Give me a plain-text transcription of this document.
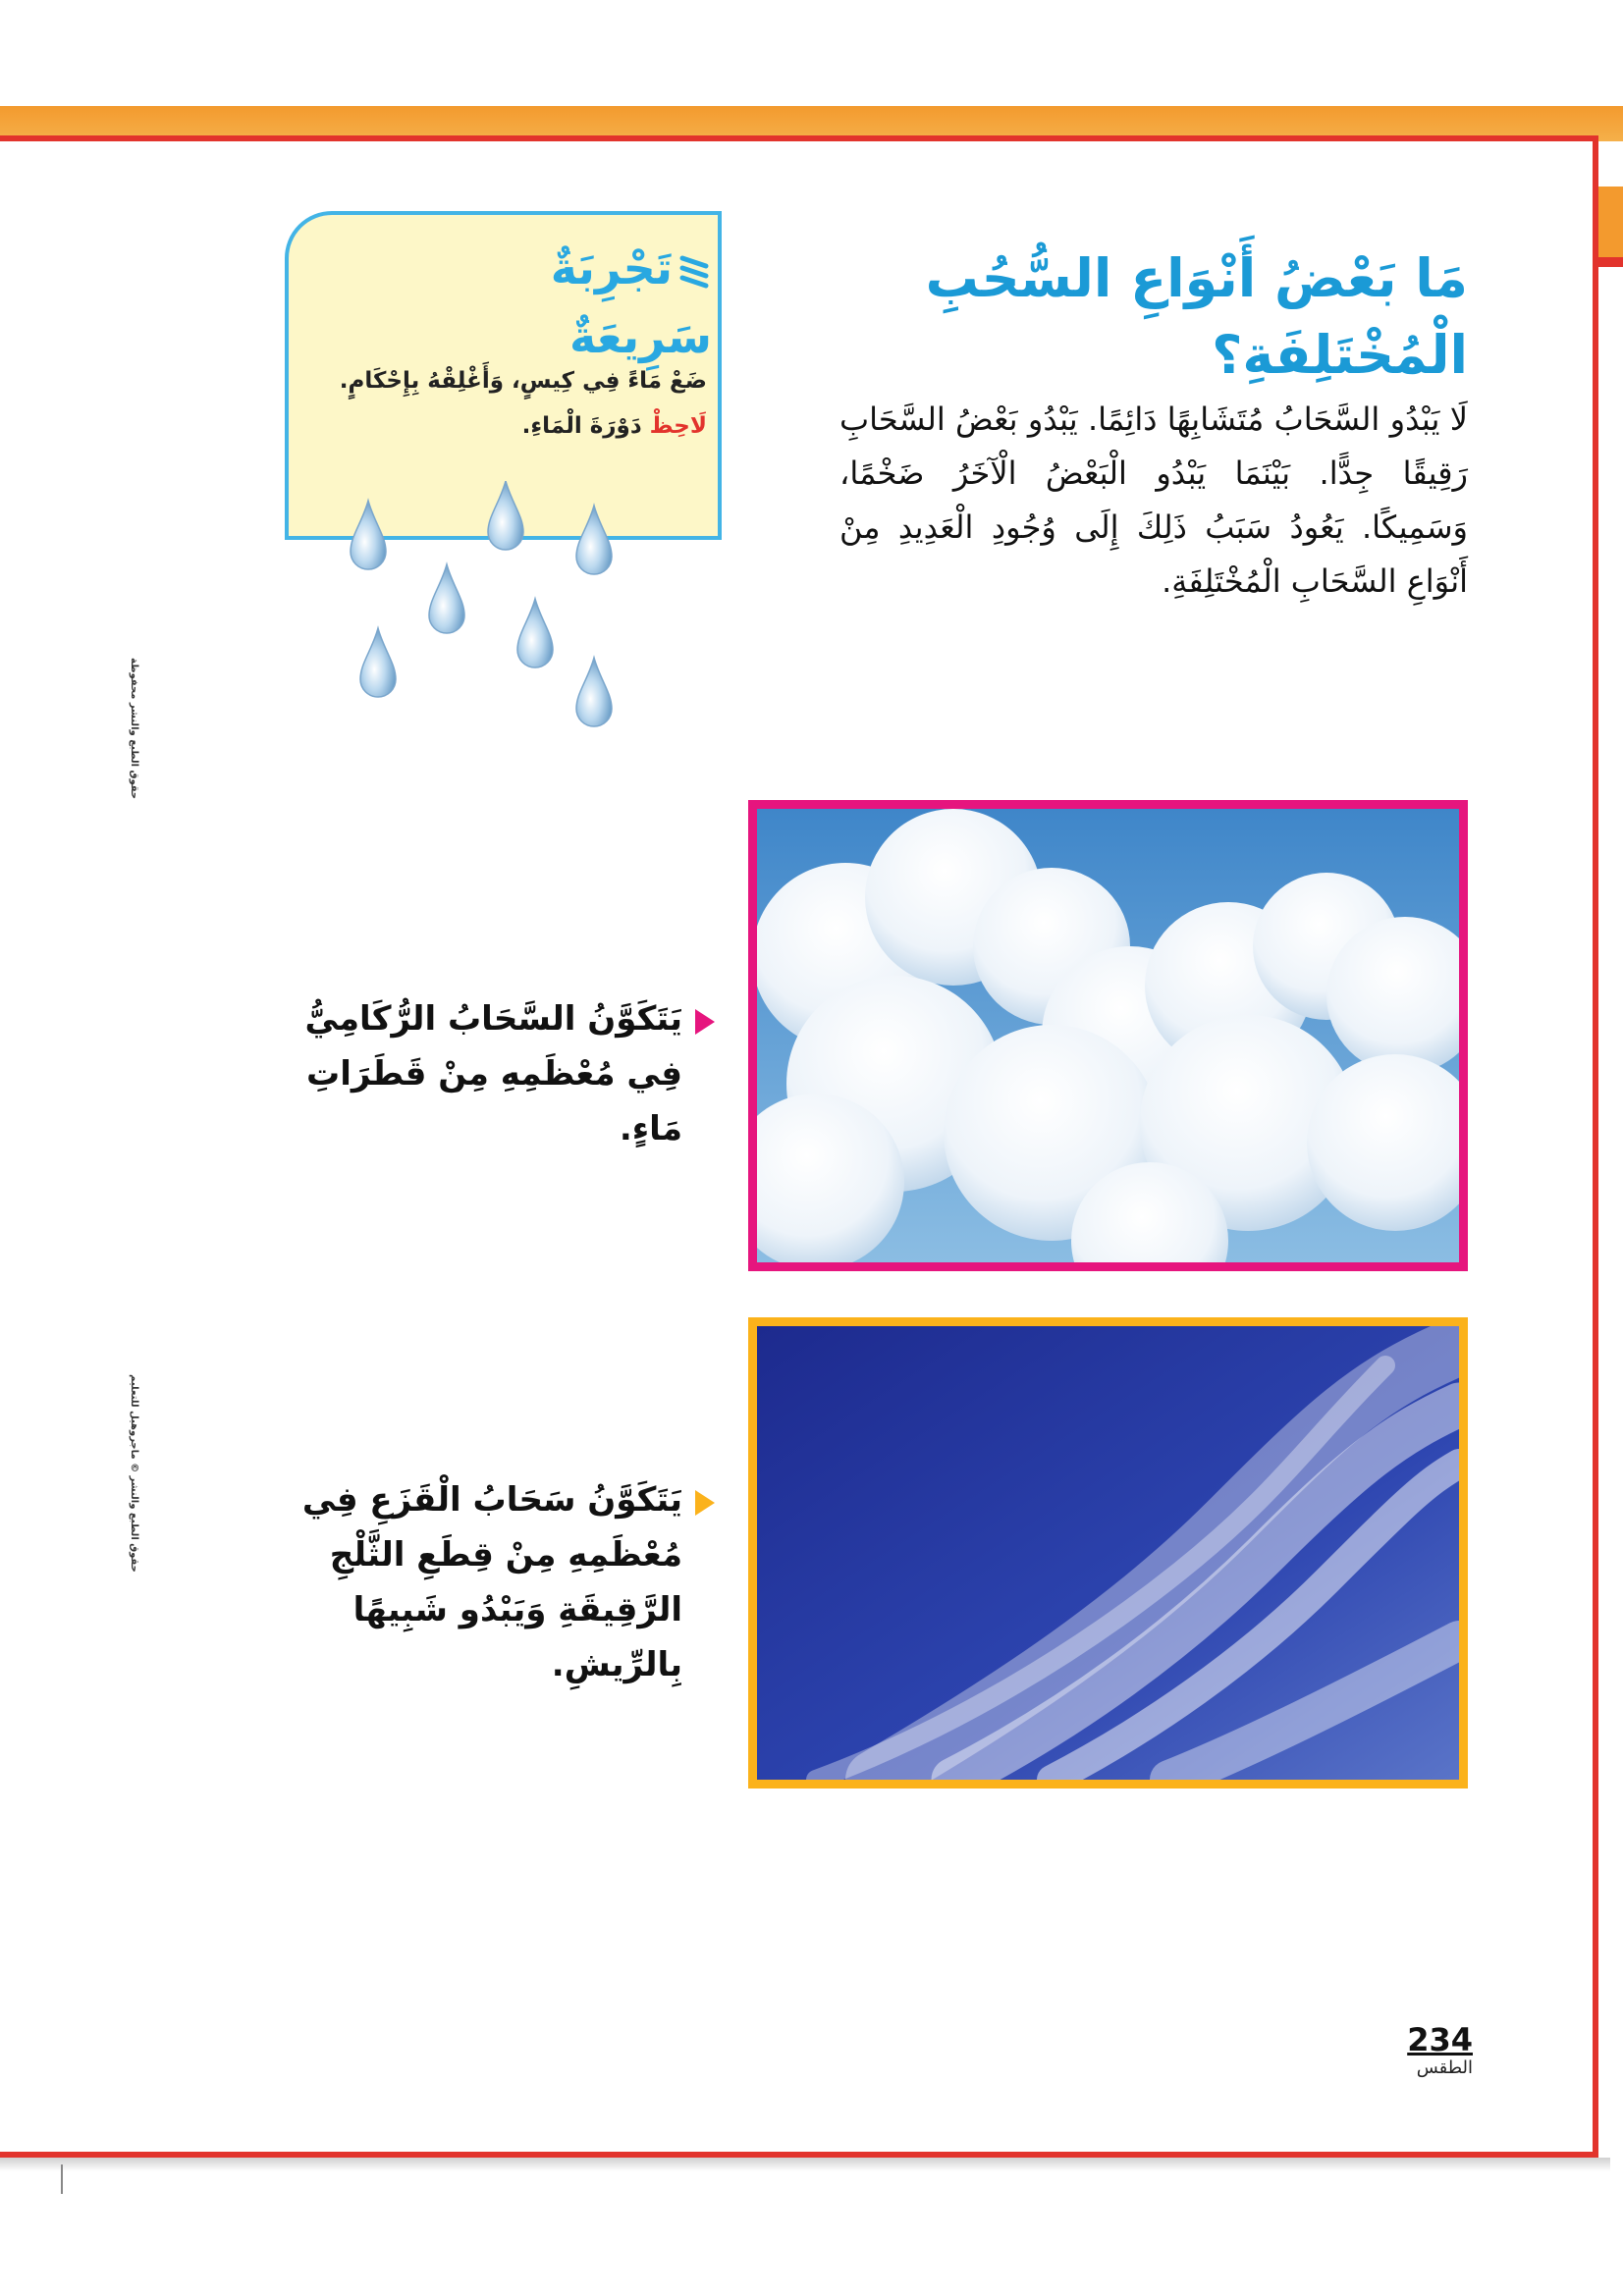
مَا بَعْضُ أَنْوَاعِ السُّحُبِ الْمُخْتَلِفَةِ؟
لَا يَبْدُو السَّحَابُ مُتَشَابِهًا دَائِمًا. يَبْدُو بَعْضُ السَّحَابِ رَقِيقًا جِدًّا. بَيْنَمَا يَبْدُو الْبَعْضُ الْآخَرُ ضَخْمًا، وَسَمِيكًا. يَعُودُ سَبَبُ ذَلِكَ إِلَى وُجُودِ الْعَدِيدِ مِنْ أَنْوَاعِ السَّحَابِ الْمُخْتَلِفَةِ.
تَجْرِبَةٌ سَرِيعَةٌ
ضَعْ مَاءً فِي كِيسٍ، وَأَغْلِقْهُ بِإِحْكَامٍ. لَاحِظْ دَوْرَةَ الْمَاءِ.
يَتَكَوَّنُ السَّحَابُ الرُّكَامِيُّ فِي مُعْظَمِهِ مِنْ قَطَرَاتِ مَاءٍ.
يَتَكَوَّنُ سَحَابُ الْقَزَعِ فِي مُعْظَمِهِ مِنْ قِطَعِ الثَّلْجِ الرَّقِيقَةِ وَيَبْدُو شَبِيهًا بِالرِّيشِ.
حقوق الطبع والنشر محفوظة
حقوق الطبع والنشر © ماجروهيل للتعليم
234
الطقس
